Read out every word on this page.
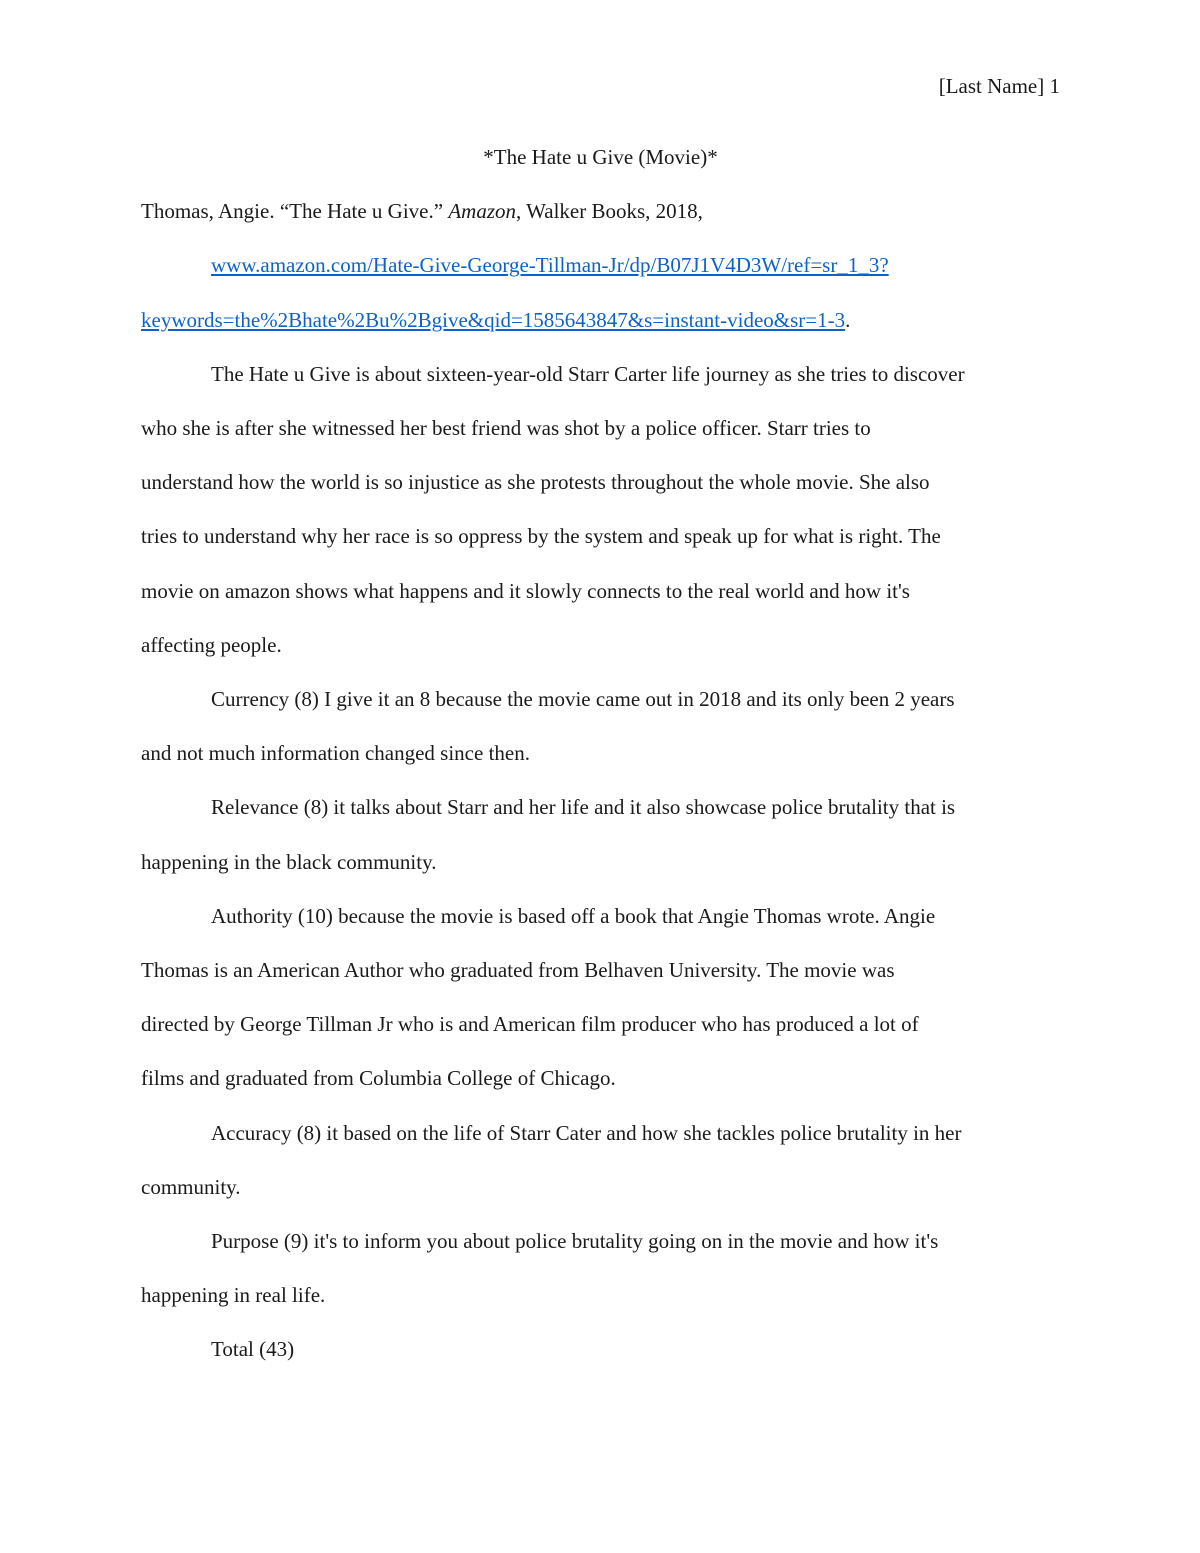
[Last Name] 1

*The Hate u Give (Movie)*

Thomas, Angie. “The Hate u Give.” Amazon, Walker Books, 2018,

www.amazon.com/Hate-Give-George-Tillman-Jr/dp/B07J1V4D3W/ref=sr_1_3?

keywords=the%2Bhate%2Bu%2Bgive&qid=1585643847&s=instant-video&sr=1-3.

The Hate u Give is about sixteen-year-old Starr Carter life journey as she tries to discover

who she is after she witnessed her best friend was shot by a police officer. Starr tries to

understand how the world is so injustice as she protests throughout the whole movie. She also

tries to understand why her race is so oppress by the system and speak up for what is right. The

movie on amazon shows what happens and it slowly connects to the real world and how it's

affecting people.

Currency (8) I give it an 8 because the movie came out in 2018 and its only been 2 years

and not much information changed since then.

Relevance (8) it talks about Starr and her life and it also showcase police brutality that is

happening in the black community.

Authority (10) because the movie is based off a book that Angie Thomas wrote. Angie

Thomas is an American Author who graduated from Belhaven University. The movie was

directed by George Tillman Jr who is and American film producer who has produced a lot of

films and graduated from Columbia College of Chicago.

Accuracy (8) it based on the life of Starr Cater and how she tackles police brutality in her

community.

Purpose (9) it's to inform you about police brutality going on in the movie and how it's

happening in real life.

Total (43)
